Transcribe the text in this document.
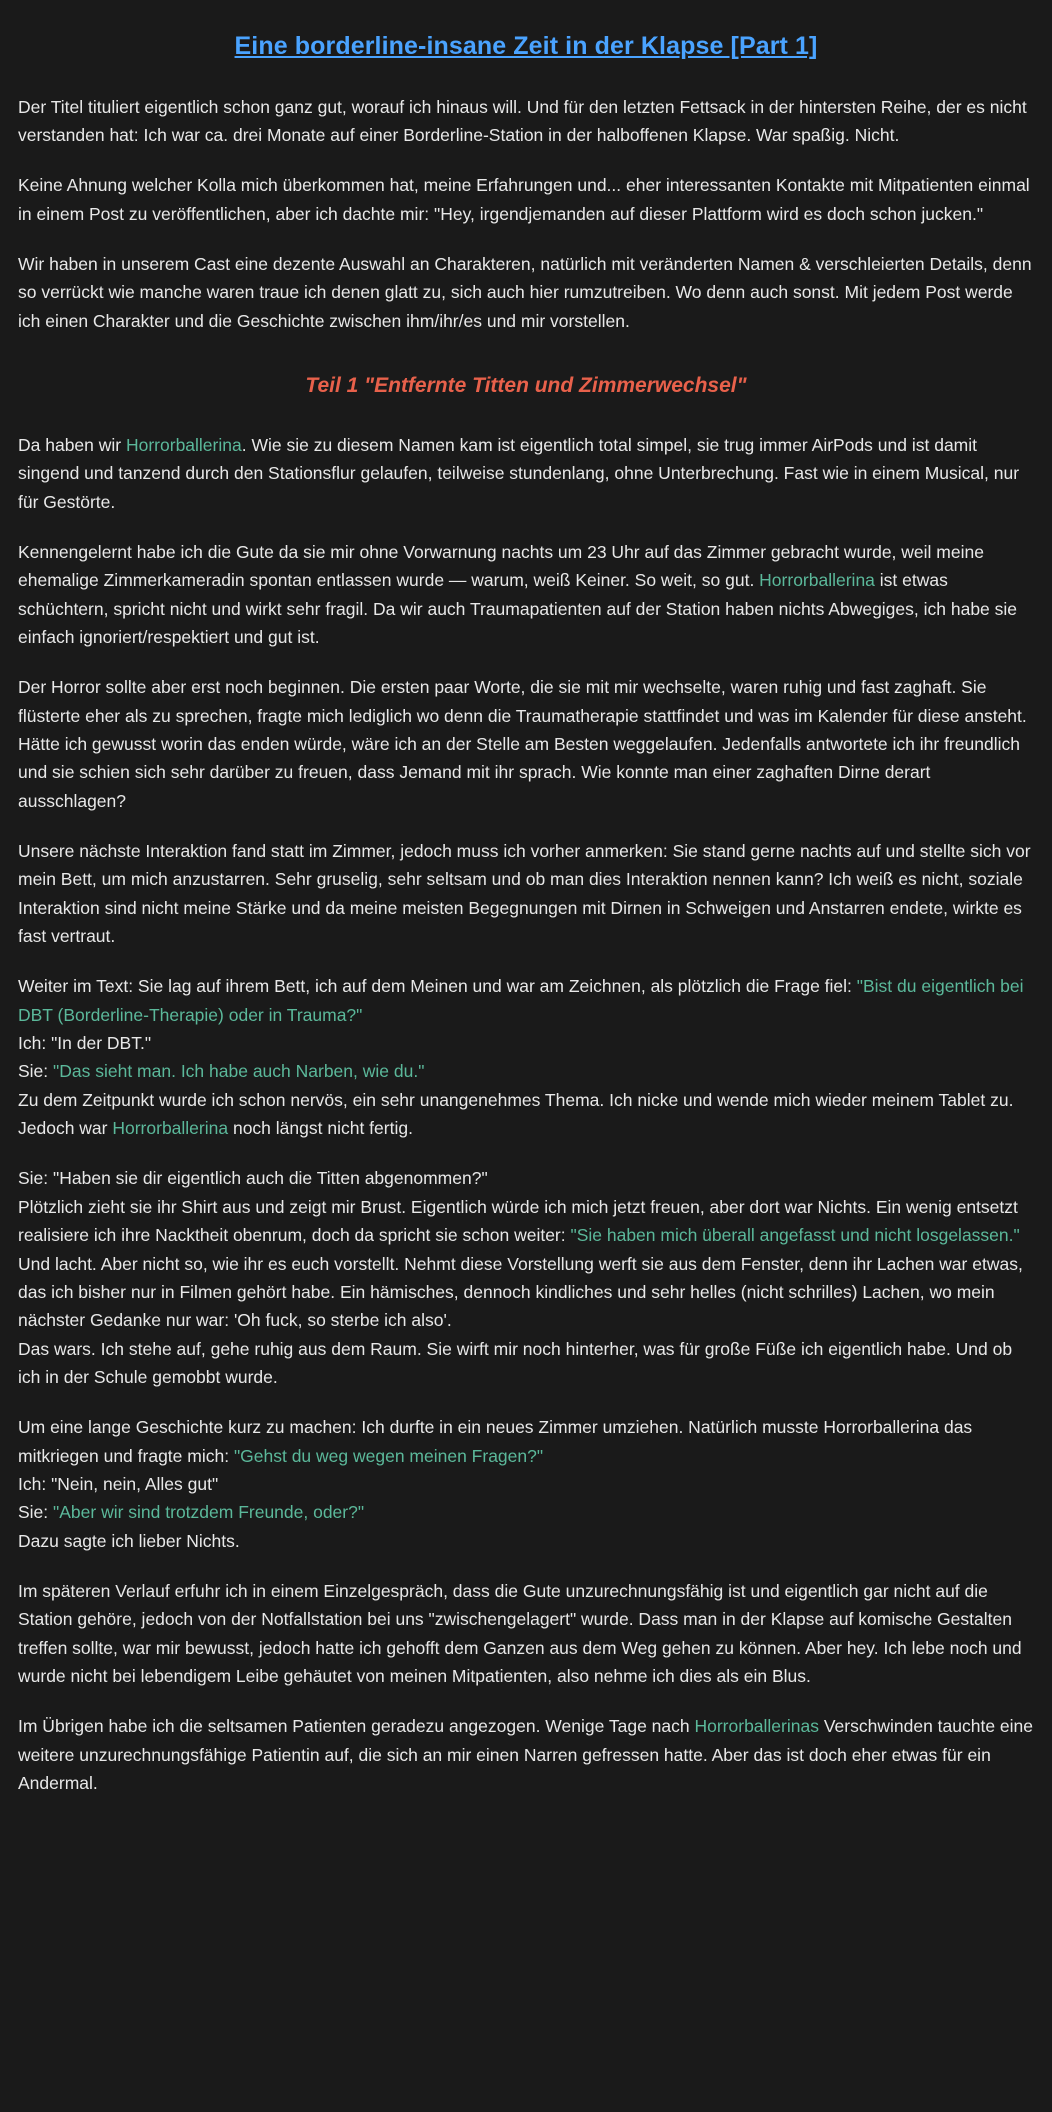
Eine borderline-insane Zeit in der Klapse [Part 1]

Der Titel tituliert eigentlich schon ganz gut, worauf ich hinaus will. Und für den letzten Fettsack in der hintersten Reihe, der es nicht verstanden hat: Ich war ca. drei Monate auf einer Borderline-Station in der halboffenen Klapse. War spaßig. Nicht.

Keine Ahnung welcher Kolla mich überkommen hat, meine Erfahrungen und... eher interessanten Kontakte mit Mitpatienten einmal in einem Post zu veröffentlichen, aber ich dachte mir: "Hey, irgendjemanden auf dieser Plattform wird es doch schon jucken."

Wir haben in unserem Cast eine dezente Auswahl an Charakteren, natürlich mit veränderten Namen & verschleierten Details, denn so verrückt wie manche waren traue ich denen glatt zu, sich auch hier rumzutreiben. Wo denn auch sonst. Mit jedem Post werde ich einen Charakter und die Geschichte zwischen ihm/ihr/es und mir vorstellen.

Teil 1 "Entfernte Titten und Zimmerwechsel"

Da haben wir Horrorballerina. Wie sie zu diesem Namen kam ist eigentlich total simpel, sie trug immer AirPods und ist damit singend und tanzend durch den Stationsflur gelaufen, teilweise stundenlang, ohne Unterbrechung. Fast wie in einem Musical, nur für Gestörte.

Kennengelernt habe ich die Gute da sie mir ohne Vorwarnung nachts um 23 Uhr auf das Zimmer gebracht wurde, weil meine ehemalige Zimmerkameradin spontan entlassen wurde — warum, weiß Keiner. So weit, so gut. Horrorballerina ist etwas schüchtern, spricht nicht und wirkt sehr fragil. Da wir auch Traumapatienten auf der Station haben nichts Abwegiges, ich habe sie einfach ignoriert/respektiert und gut ist.

Der Horror sollte aber erst noch beginnen. Die ersten paar Worte, die sie mit mir wechselte, waren ruhig und fast zaghaft. Sie flüsterte eher als zu sprechen, fragte mich lediglich wo denn die Traumatherapie stattfindet und was im Kalender für diese ansteht. Hätte ich gewusst worin das enden würde, wäre ich an der Stelle am Besten weggelaufen. Jedenfalls antwortete ich ihr freundlich und sie schien sich sehr darüber zu freuen, dass Jemand mit ihr sprach. Wie konnte man einer zaghaften Dirne derart ausschlagen?

Unsere nächste Interaktion fand statt im Zimmer, jedoch muss ich vorher anmerken: Sie stand gerne nachts auf und stellte sich vor mein Bett, um mich anzustarren. Sehr gruselig, sehr seltsam und ob man dies Interaktion nennen kann? Ich weiß es nicht, soziale Interaktion sind nicht meine Stärke und da meine meisten Begegnungen mit Dirnen in Schweigen und Anstarren endete, wirkte es fast vertraut.

Weiter im Text: Sie lag auf ihrem Bett, ich auf dem Meinen und war am Zeichnen, als plötzlich die Frage fiel: "Bist du eigentlich bei DBT (Borderline-Therapie) oder in Trauma?"

Ich: "In der DBT."

Sie: "Das sieht man. Ich habe auch Narben, wie du."

Zu dem Zeitpunkt wurde ich schon nervös, ein sehr unangenehmes Thema. Ich nicke und wende mich wieder meinem Tablet zu. Jedoch war Horrorballerina noch längst nicht fertig.

Sie: "Haben sie dir eigentlich auch die Titten abgenommen?"

Plötzlich zieht sie ihr Shirt aus und zeigt mir Brust. Eigentlich würde ich mich jetzt freuen, aber dort war Nichts. Ein wenig entsetzt realisiere ich ihre Nacktheit obenrum, doch da spricht sie schon weiter: "Sie haben mich überall angefasst und nicht losgelassen." Und lacht. Aber nicht so, wie ihr es euch vorstellt. Nehmt diese Vorstellung werft sie aus dem Fenster, denn ihr Lachen war etwas, das ich bisher nur in Filmen gehört habe. Ein hämisches, dennoch kindliches und sehr helles (nicht schrilles) Lachen, wo mein nächster Gedanke nur war: 'Oh fuck, so sterbe ich also'.

Das wars. Ich stehe auf, gehe ruhig aus dem Raum. Sie wirft mir noch hinterher, was für große Füße ich eigentlich habe. Und ob ich in der Schule gemobbt wurde.

Um eine lange Geschichte kurz zu machen: Ich durfte in ein neues Zimmer umziehen. Natürlich musste Horrorballerina das mitkriegen und fragte mich: "Gehst du weg wegen meinen Fragen?"

Ich: "Nein, nein, Alles gut"

Sie: "Aber wir sind trotzdem Freunde, oder?"

Dazu sagte ich lieber Nichts.

Im späteren Verlauf erfuhr ich in einem Einzelgespräch, dass die Gute unzurechnungsfähig ist und eigentlich gar nicht auf die Station gehöre, jedoch von der Notfallstation bei uns "zwischengelagert" wurde. Dass man in der Klapse auf komische Gestalten treffen sollte, war mir bewusst, jedoch hatte ich gehofft dem Ganzen aus dem Weg gehen zu können. Aber hey. Ich lebe noch und wurde nicht bei lebendigem Leibe gehäutet von meinen Mitpatienten, also nehme ich dies als ein Blus.

Im Übrigen habe ich die seltsamen Patienten geradezu angezogen. Wenige Tage nach Horrorballerinas Verschwinden tauchte eine weitere unzurechnungsfähige Patientin auf, die sich an mir einen Narren gefressen hatte. Aber das ist doch eher etwas für ein Andermal.
